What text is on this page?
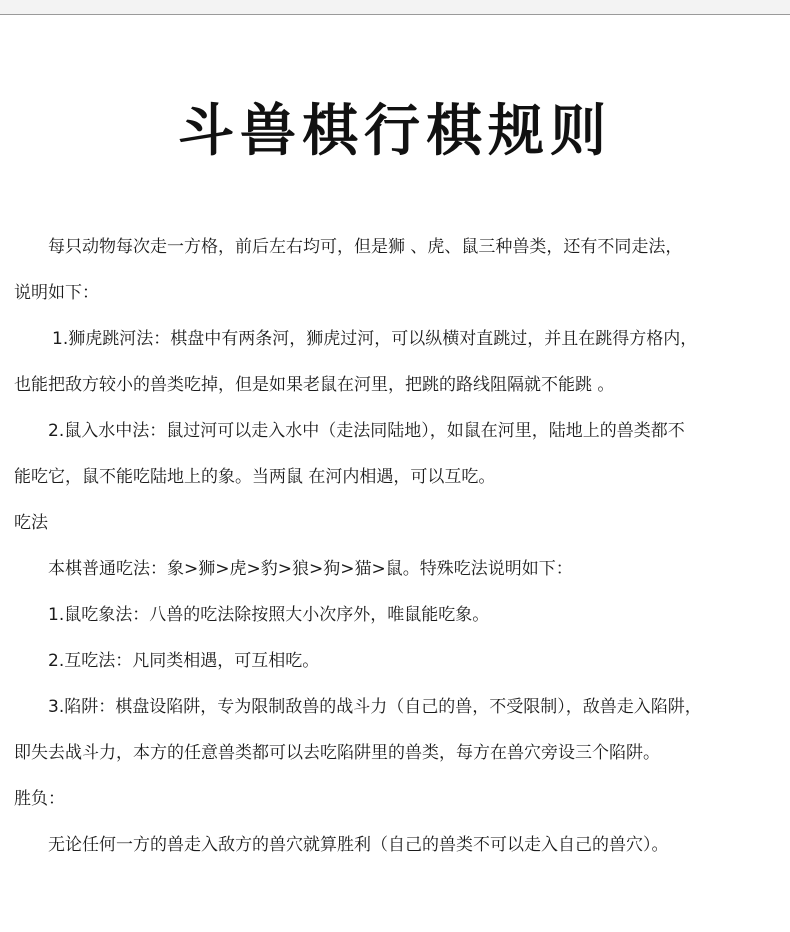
斗兽棋行棋规则
每只动物每次走一方格，前后左右均可，但是狮 、虎、鼠三种兽类，还有不同走法，
说明如下：
1.狮虎跳河法：棋盘中有两条河，狮虎过河，可以纵横对直跳过，并且在跳得方格内，
也能把敌方较小的兽类吃掉，但是如果老鼠在河里，把跳的路线阻隔就不能跳 。
2.鼠入水中法：鼠过河可以走入水中（走法同陆地），如鼠在河里，陆地上的兽类都不
能吃它，鼠不能吃陆地上的象。当两鼠 在河内相遇，可以互吃。
吃法
本棋普通吃法：象>狮>虎>豹>狼>狗>猫>鼠。特殊吃法说明如下：
1.鼠吃象法：八兽的吃法除按照大小次序外，唯鼠能吃象。
2.互吃法：凡同类相遇，可互相吃。
3.陷阱：棋盘设陷阱，专为限制敌兽的战斗力（自己的兽，不受限制），敌兽走入陷阱，
即失去战斗力，本方的任意兽类都可以去吃陷阱里的兽类，每方在兽穴旁设三个陷阱。
胜负：
无论任何一方的兽走入敌方的兽穴就算胜利（自己的兽类不可以走入自己的兽穴）。
